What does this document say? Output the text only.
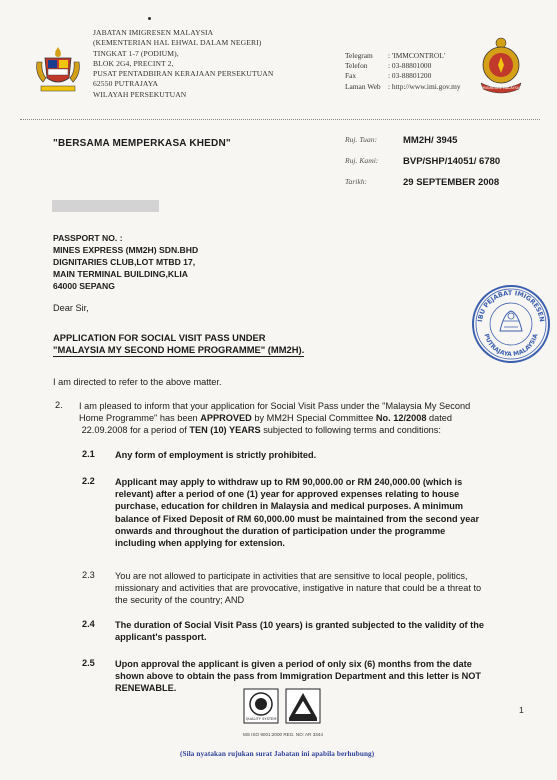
JABATAN IMIGRESEN MALAYSIA
(KEMENTERIAN HAL EHWAL DALAM NEGERI)
TINGKAT 1-7 (PODIUM),
BLOK 2G4, PRECINT 2,
PUSAT PENTADBIRAN KERAJAAN PERSEKUTUAN
62550 PUTRAJAYA
WILAYAH PERSEKUTUAN
Telegram : 'IMMCONTROL'
Telefon	: 03-88801000
Fax	: 03-88801200
Laman Web : http://www.imi.gov.my	IMIGRESEN MALAYSIA
"BERSAMA MEMPERKASA KHEDN"	Ruj. Tuan:	MM2H/ 3945
Ruj. Kami:	BVP/SHP/14051/ 6780
Tarikh:	29 SEPTEMBER 2008
PASSPORT NO. :
MINES EXPRESS (MM2H) SDN.BHD
DIGNITARIES CLUB,LOT MTBD 17,
MAIN TERMINAL BUILDING,KLIA
64000 SEPANG
IBU PEJABAT IMIGRESEN
PUTRAJAYA MALAYSIA
Dear Sir,
APPLICATION FOR SOCIAL VISIT PASS UNDER
"MALAYSIA MY SECOND HOME PROGRAMME" (MM2H).
I am directed to refer to the above matter.
2. I am pleased to inform that your application for Social Visit Pass under the "Malaysia My Second
Home Programme" has been APPROVED by MM2H Special Committee No. 12/2008 dated
22.09.2008 for a period of TEN (10) YEARS subjected to following terms and conditions:
2.1 Any form of employment is strictly prohibited.
2.2 Applicant may apply to withdraw up to RM 90,000.00 or RM 240,000.00 (which is
relevant) after a period of one (1) year for approved expenses relating to house
purchase, education for children in Malaysia and medical purposes. A minimum
balance of Fixed Deposit of RM 60,000.00 must be maintained from the second year
onwards and throughout the duration of participation under the programme
including when applying for extension.
2.3 You are not allowed to participate in activities that are sensitive to local people, politics,
missionary and activities that are provocative, instigative in nature that could be a threat to
the security of the country; AND
2.4 The duration of Social Visit Pass (10 years) is granted subjected to the validity of the
applicant's passport.
2.5 Upon approval the applicant is given a period of only six (6) months from the date
shown above to obtain the pass from Immigration Department and this letter is NOT
RENEWABLE.
QUALITY SYSTEM
MS ISO 9001:2000 REG. NO: AR 3344
1
(Sila nyatakan rujukan surat Jabatan ini apabila berhubung)
